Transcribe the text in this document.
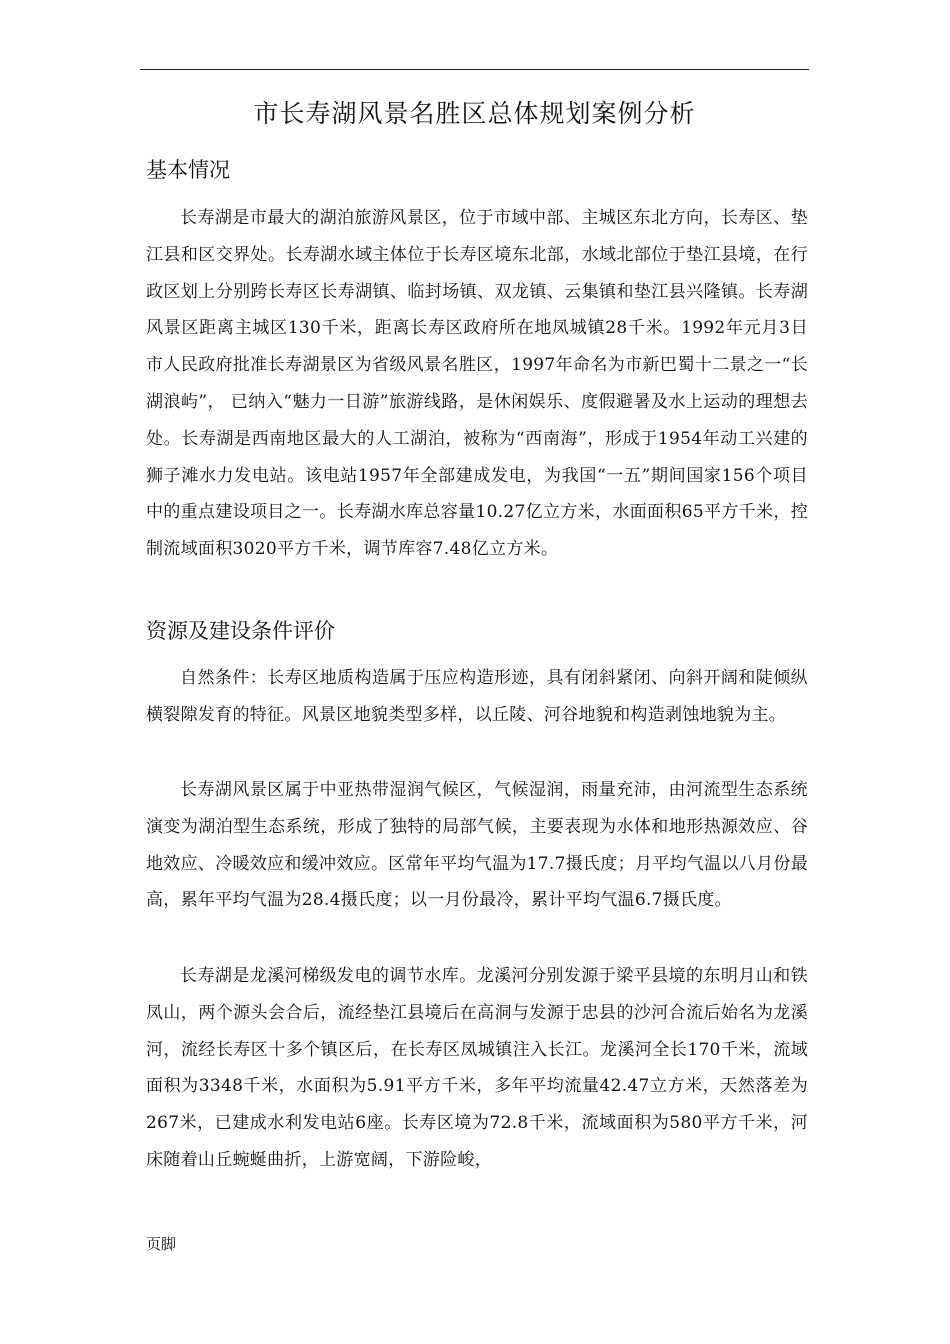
市长寿湖风景名胜区总体规划案例分析
基本情况

长寿湖是市最大的湖泊旅游风景区，位于市域中部、主城区东北方向，长寿区、垫江县和区交界处。长寿湖水域主体位于长寿区境东北部，水域北部位于垫江县境，在行政区划上分别跨长寿区长寿湖镇、临封场镇、双龙镇、云集镇和垫江县兴隆镇。长寿湖风景区距离主城区130千米，距离长寿区政府所在地凤城镇28千米。1992年元月3日市人民政府批准长寿湖景区为省级风景名胜区，1997年命名为市新巴蜀十二景之一“长湖浪屿”， 已纳入“魅力一日游”旅游线路，是休闲娱乐、度假避暑及水上运动的理想去处。长寿湖是西南地区最大的人工湖泊，被称为“西南海”，形成于1954年动工兴建的狮子滩水力发电站。该电站1957年全部建成发电，为我国“一五”期间国家156个项目中的重点建设项目之一。长寿湖水库总容量10.27亿立方米，水面面积65平方千米，控制流域面积3020平方千米，调节库容7.48亿立方米。

资源及建设条件评价

自然条件：长寿区地质构造属于压应构造形迹，具有闭斜紧闭、向斜开阔和陡倾纵横裂隙发育的特征。风景区地貌类型多样，以丘陵、河谷地貌和构造剥蚀地貌为主。

长寿湖风景区属于中亚热带湿润气候区，气候湿润，雨量充沛，由河流型生态系统演变为湖泊型生态系统，形成了独特的局部气候，主要表现为水体和地形热源效应、谷地效应、冷暖效应和缓冲效应。区常年平均气温为17.7摄氏度；月平均气温以八月份最高，累年平均气温为28.4摄氏度；以一月份最冷，累计平均气温6.7摄氏度。

长寿湖是龙溪河梯级发电的调节水库。龙溪河分别发源于梁平县境的东明月山和铁凤山，两个源头会合后，流经垫江县境后在高洞与发源于忠县的沙河合流后始名为龙溪河，流经长寿区十多个镇区后，在长寿区凤城镇注入长江。龙溪河全长170千米，流域面积为3348千米，水面积为5.91平方千米，多年平均流量42.47立方米，天然落差为267米，已建成水利发电站6座。长寿区境为72.8千米，流域面积为580平方千米，河床随着山丘蜿蜒曲折，上游宽阔，下游险峻，

页脚
